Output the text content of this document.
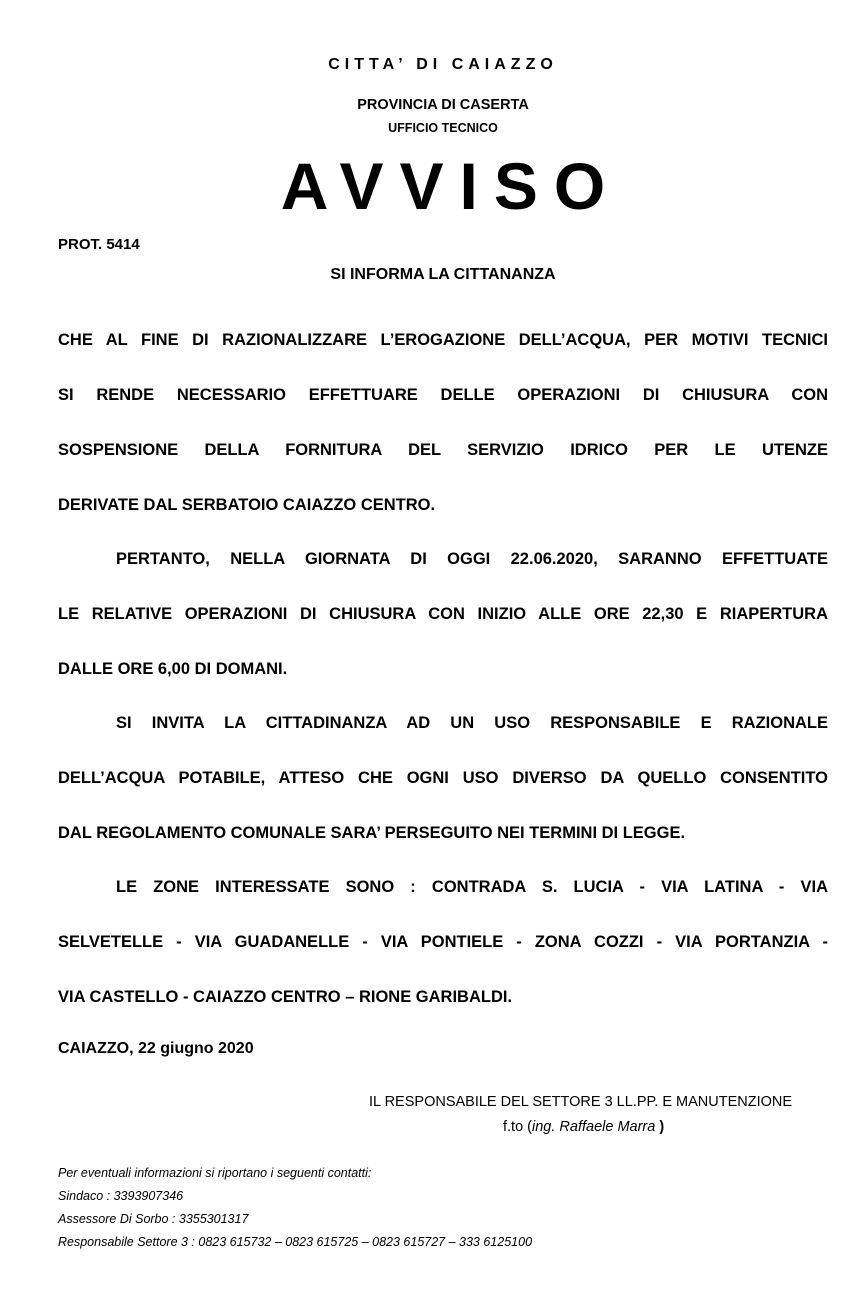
CITTA’ DI CAIAZZO
PROVINCIA DI CASERTA
UFFICIO TECNICO
AVVISO
PROT. 5414
SI INFORMA LA CITTANANZA
CHE AL FINE DI RAZIONALIZZARE L’EROGAZIONE DELL’ACQUA, PER MOTIVI TECNICI
SI RENDE NECESSARIO EFFETTUARE DELLE OPERAZIONI DI CHIUSURA CON
SOSPENSIONE DELLA FORNITURA DEL SERVIZIO IDRICO PER LE UTENZE
DERIVATE DAL SERBATOIO CAIAZZO CENTRO.
PERTANTO, NELLA GIORNATA DI OGGI 22.06.2020, SARANNO EFFETTUATE
LE RELATIVE OPERAZIONI DI CHIUSURA CON INIZIO ALLE ORE 22,30 E RIAPERTURA
DALLE ORE 6,00 DI DOMANI.
SI INVITA LA CITTADINANZA AD UN USO RESPONSABILE E RAZIONALE
DELL’ACQUA POTABILE, ATTESO CHE OGNI USO DIVERSO DA QUELLO CONSENTITO
DAL REGOLAMENTO COMUNALE SARA’ PERSEGUITO NEI TERMINI DI LEGGE.
LE ZONE INTERESSATE SONO : CONTRADA S. LUCIA - VIA LATINA - VIA
SELVETELLE - VIA GUADANELLE - VIA PONTIELE - ZONA COZZI - VIA PORTANZIA -
VIA CASTELLO - CAIAZZO CENTRO – RIONE GARIBALDI.
CAIAZZO, 22 giugno 2020
IL RESPONSABILE DEL SETTORE 3 LL.PP. E MANUTENZIONE
f.to (ing. Raffaele Marra )
Per eventuali informazioni si riportano i seguenti contatti:
Sindaco : 3393907346
Assessore Di Sorbo : 3355301317
Responsabile Settore 3 : 0823 615732 – 0823 615725 – 0823 615727 – 333 6125100
